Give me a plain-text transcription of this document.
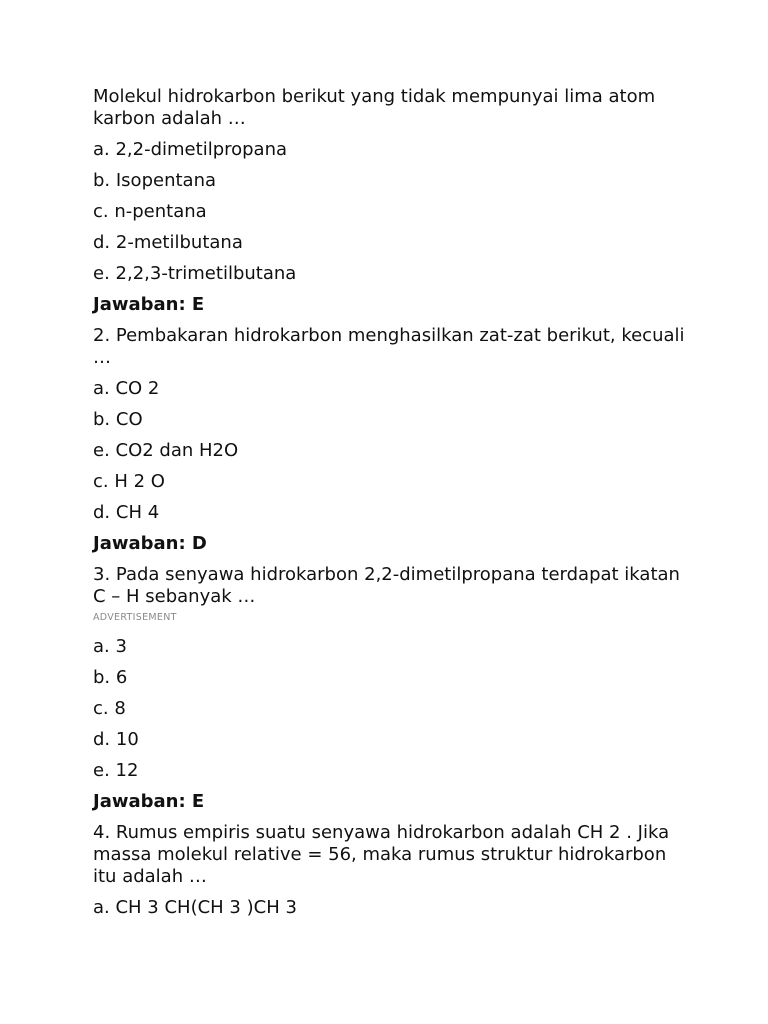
Molekul hidrokarbon berikut yang tidak mempunyai lima atom karbon adalah …
a. 2,2-dimetilpropana
b. Isopentana
c. n-pentana
d. 2-metilbutana
e. 2,2,3-trimetilbutana
Jawaban: E
2. Pembakaran hidrokarbon menghasilkan zat-zat berikut, kecuali …
a. CO 2
b. CO
e. CO2 dan H2O
c. H 2 O
d. CH 4
Jawaban: D
3. Pada senyawa hidrokarbon 2,2-dimetilpropana terdapat ikatan C – H sebanyak …
ADVERTISEMENT
a. 3
b. 6
c. 8
d. 10
e. 12
Jawaban: E
4. Rumus empiris suatu senyawa hidrokarbon adalah CH 2 . Jika massa molekul relative = 56, maka rumus struktur hidrokarbon itu adalah …
a. CH 3 CH(CH 3 )CH 3
